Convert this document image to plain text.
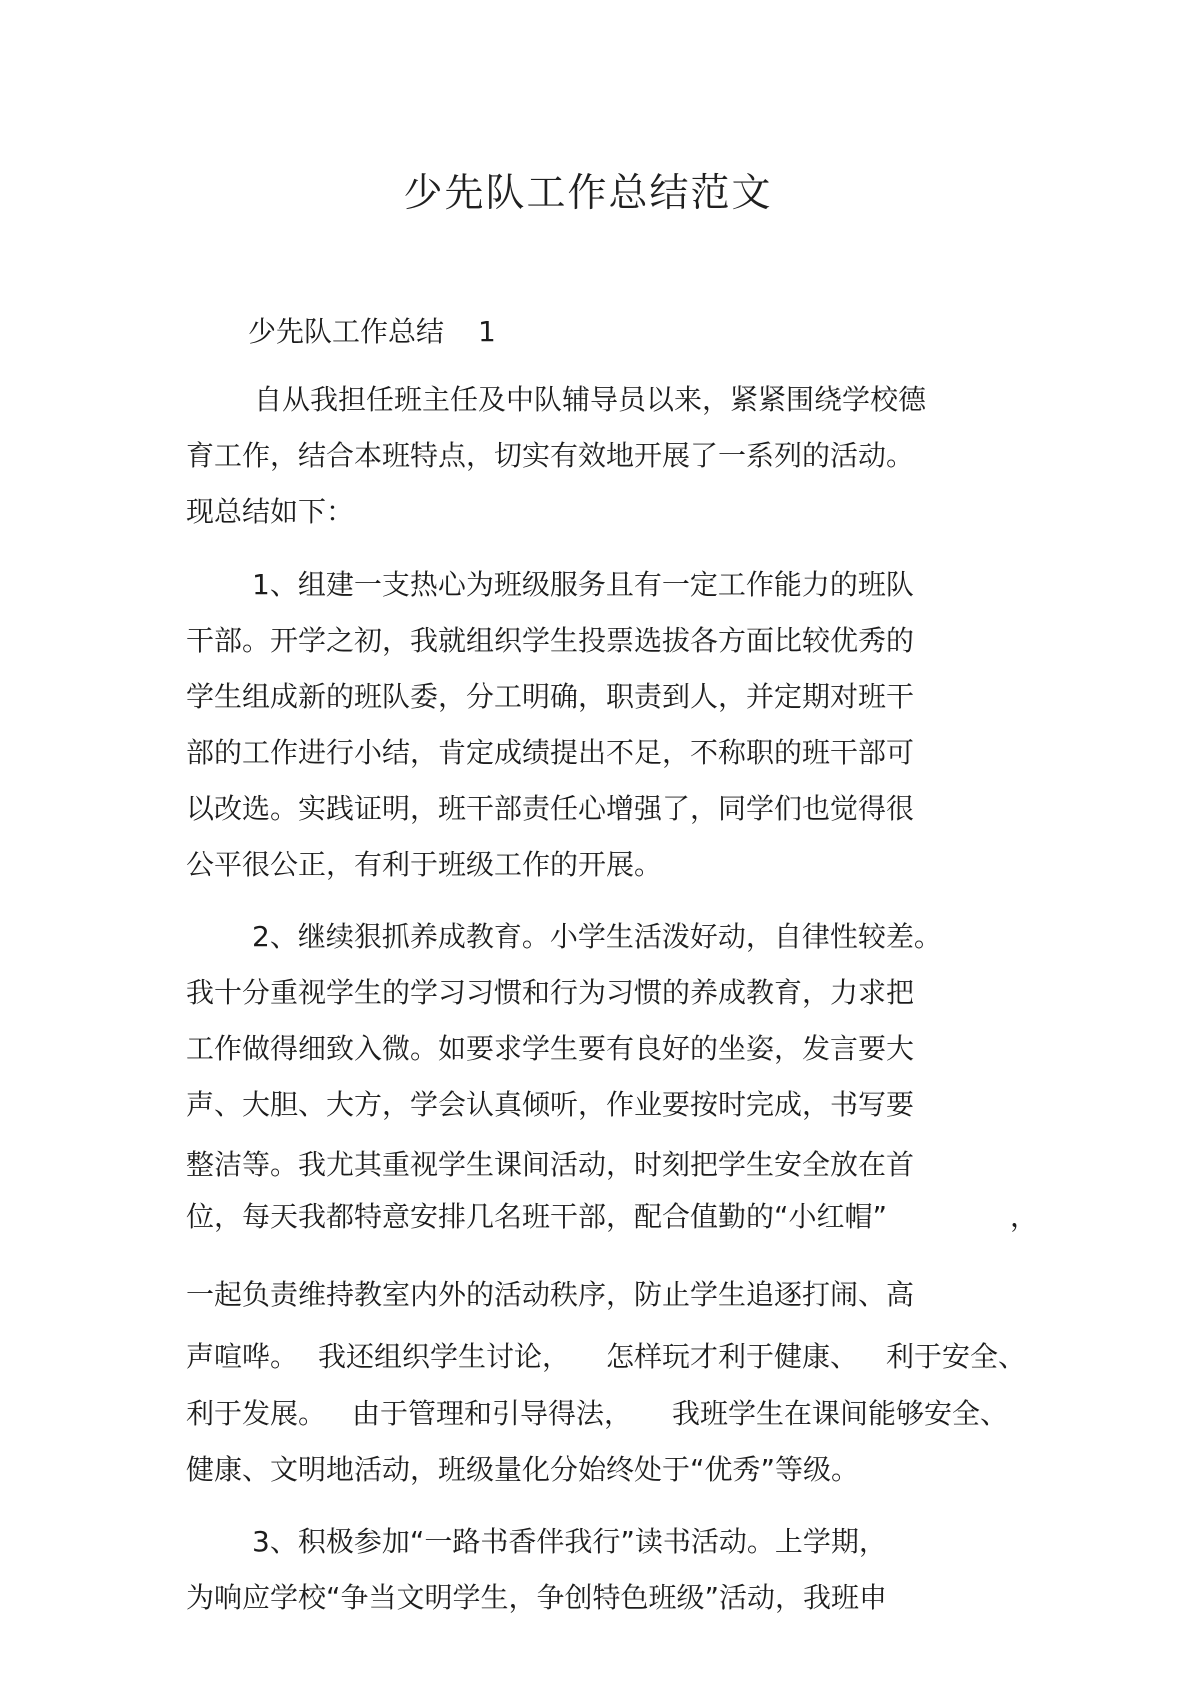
少先队工作总结范文
少先队工作总结 1

自从我担任班主任及中队辅导员以来，紧紧围绕学校德

育工作，结合本班特点，切实有效地开展了一系列的活动。

现总结如下：

1、组建一支热心为班级服务且有一定工作能力的班队

干部。开学之初，我就组织学生投票选拔各方面比较优秀的

学生组成新的班队委，分工明确，职责到人，并定期对班干

部的工作进行小结，肯定成绩提出不足，不称职的班干部可

以改选。实践证明，班干部责任心增强了，同学们也觉得很

公平很公正，有利于班级工作的开展。

2、继续狠抓养成教育。小学生活泼好动，自律性较差。

我十分重视学生的学习习惯和行为习惯的养成教育，力求把

工作做得细致入微。如要求学生要有良好的坐姿，发言要大

声、大胆、大方，学会认真倾听，作业要按时完成，书写要

整洁等。我尤其重视学生课间活动，时刻把学生安全放在首

位，每天我都特意安排几名班干部，配合值勤的“小红帽”	，

一起负责维持教室内外的活动秩序，防止学生追逐打闹、高

声喧哗。 我还组织学生讨论， 怎样玩才利于健康、 利于安全、

利于发展。 由于管理和引导得法， 我班学生在课间能够安全、

健康、文明地活动，班级量化分始终处于“优秀”等级。

3、积极参加“一路书香伴我行”读书活动。上学期，

为响应学校“争当文明学生，争创特色班级”活动，我班申
